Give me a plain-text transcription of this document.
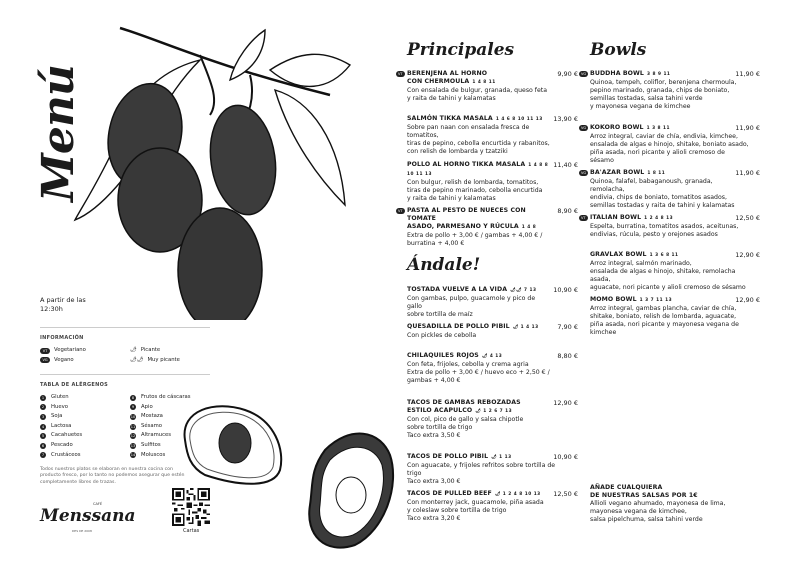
Menú
A partir de las
12:30h
INFORMACIÓN
VT	Vegetariano
VG	Vegano
🌶 Picante
🌶🌶 Muy picante
TABLA DE ALÉRGENOS
1	Gluten
2	Huevo
3	Soja
4	Lactosa
5	Cacahuetes
6	Pescado
7	Crustáceos
8	Frutos de cáscaras
9	Apio
10 Mostaza
11 Sésamo
12 Altramuces
13 Sulfitos
14 Moluscos
Todos nuestros platos se elaboran en nuestra cocina con producto fresco, por lo tanto no podemos asegurar que estén completamente libres de trazas.
CAFÉ
Menssana
DES DE 2008	Cartas
Principales
VT BERENJENA AL HORNO
CON CHERMOULA 1 4 8 11
Con ensalada de bulgur, granada, queso feta
y raita de tahini y kalamatas
9,90 €
SALMÓN TIKKA MASALA 1 4 6 8 10 11 13
Sobre pan naan con ensalada fresca de tomatitos,
tiras de pepino, cebolla encurtida y rabanitos,
con relish de lombarda y tzatziki
13,90 €
POLLO AL HORNO TIKKA MASALA 1 4 8 8 10 11 13
Con bulgur, relish de lombarda, tomatitos,
tiras de pepino marinado, cebolla encurtida
y raita de tahini y kalamatas
11,40 €
VT PASTA AL PESTO DE NUECES CON TOMATE
ASADO, PARMESANO Y RÚCULA 1 4 8
Extra de pollo + 3,00 € / gambas + 4,00 € /
burratina + 4,00 €
8,90 €
Ándale!
TOSTADA VUELVE A LA VIDA 🌶🌶 7 13
Con gambas, pulpo, guacamole y pico de gallo
sobre tortilla de maíz
10,90 €
QUESADILLA DE POLLO PIBIL 🌶 1 4 13
Con pickles de cebolla
7,90 €
CHILAQUILES ROJOS 🌶 4 13
Con feta, frijoles, cebolla y crema agria
Extra de pollo + 3,00 € / huevo eco + 2,50 € /
gambas + 4,00 €
8,80 €
TACOS DE GAMBAS REBOZADAS
ESTILO ACAPULCO 🌶 1 2 6 7 13
Con col, pico de gallo y salsa chipotle
sobre tortilla de trigo
Taco extra 3,50 €
12,90 €
TACOS DE POLLO PIBIL 🌶 1 13
Con aguacate, y frijoles refritos sobre tortilla de trigo
Taco extra 3,00 €
10,90 €
TACOS DE PULLED BEEF 🌶 1 2 4 8 10 13
Con monterrey jack, guacamole, piña asada
y coleslaw sobre tortilla de trigo
Taco extra 3,20 €
12,50 €
Bowls
VG BUDDHA BOWL 3 8 9 11
Quinoa, tempeh, coliflor, berenjena chermoula,
pepino marinado, granada, chips de boniato,
semillas tostadas, salsa tahini verde
y mayonesa vegana de kimchee
11,90 €
VG KOKORO BOWL 1 3 8 11
Arroz integral, caviar de chía, endivia, kimchee,
ensalada de algas e hinojo, shitake, boniato asado,
piña asada, nori picante y alioli cremoso de sésamo
11,90 €
VG BA'AZAR BOWL 1 8 11
Quinoa, falafel, babaganoush, granada, remolacha,
endivia, chips de boniato, tomatitos asados,
semillas tostadas y raita de tahini y kalamatas
11,90 €
VT ITALIAN BOWL 1 2 4 8 13
Espelta, burratina, tomatitos asados, aceitunas,
endivias, rúcula, pesto y orejones asados
12,50 €
GRAVLAX BOWL 1 3 6 8 11
Arroz integral, salmón marinado,
ensalada de algas e hinojo, shitake, remolacha asada,
aguacate, nori picante y alioli cremoso de sésamo
12,90 €
MOMO BOWL 1 3 7 11 13
Arroz integral, gambas plancha, caviar de chía,
shitake, boniato, relish de lombarda, aguacate,
piña asada, nori picante y mayonesa vegana de kimchee
12,90 €
AÑADE CUALQUIERA
DE NUESTRAS SALSAS POR 1€
Allioli vegano ahumado, mayonesa de lima,
mayonesa vegana de kimchee,
salsa pipelchuma, salsa tahini verde
